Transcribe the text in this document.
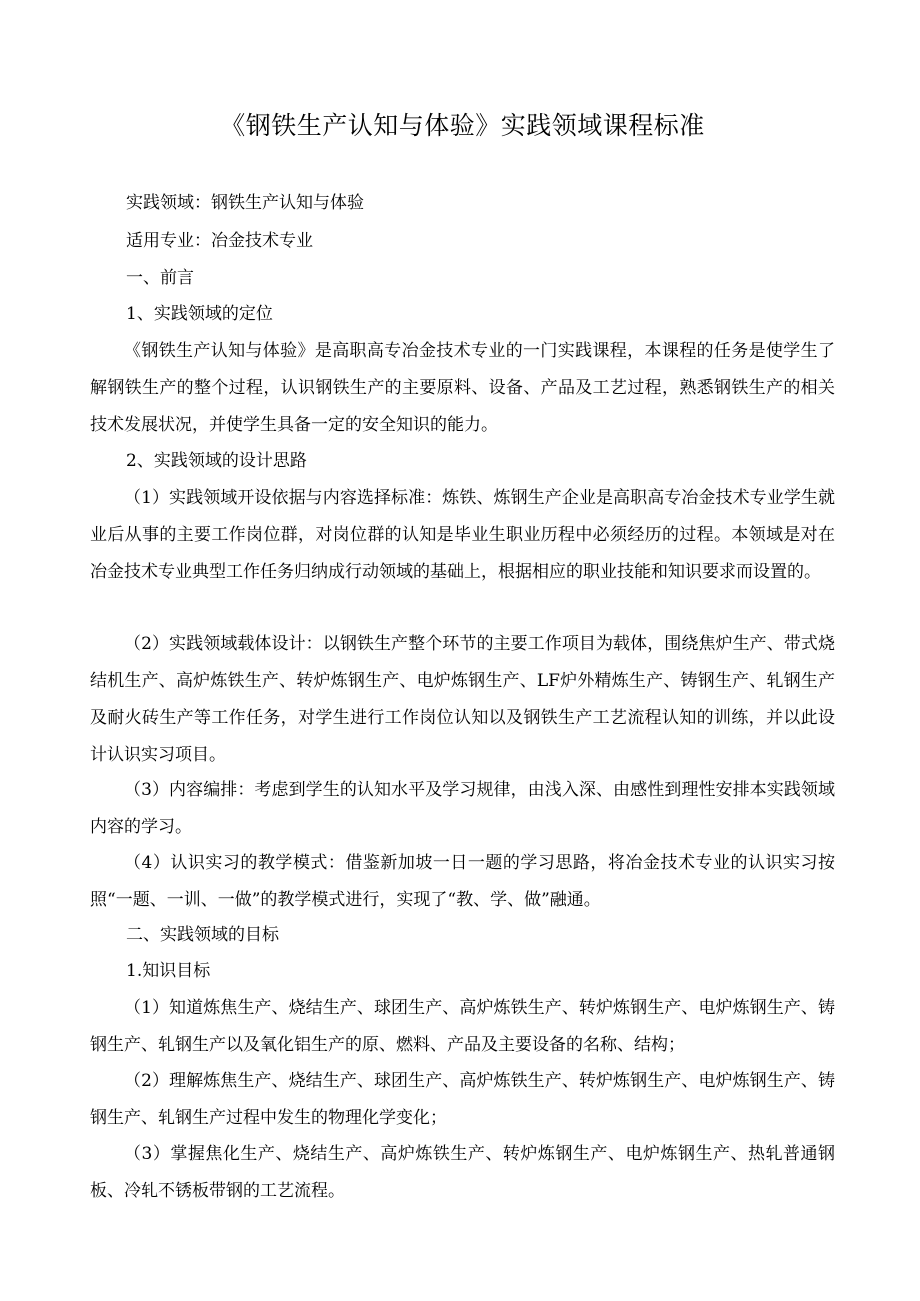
《钢铁生产认知与体验》实践领域课程标准
实践领域：钢铁生产认知与体验
适用专业：冶金技术专业
一、前言
1、实践领域的定位
《钢铁生产认知与体验》是高职高专冶金技术专业的一门实践课程，本课程的任务是使学生了解钢铁生产的整个过程，认识钢铁生产的主要原料、设备、产品及工艺过程，熟悉钢铁生产的相关技术发展状况，并使学生具备一定的安全知识的能力。
2、实践领域的设计思路
（1）实践领域开设依据与内容选择标准：炼铁、炼钢生产企业是高职高专冶金技术专业学生就业后从事的主要工作岗位群，对岗位群的认知是毕业生职业历程中必须经历的过程。本领域是对在冶金技术专业典型工作任务归纳成行动领域的基础上，根据相应的职业技能和知识要求而设置的。
（2）实践领域载体设计：以钢铁生产整个环节的主要工作项目为载体，围绕焦炉生产、带式烧结机生产、高炉炼铁生产、转炉炼钢生产、电炉炼钢生产、LF炉外精炼生产、铸钢生产、轧钢生产及耐火砖生产等工作任务，对学生进行工作岗位认知以及钢铁生产工艺流程认知的训练，并以此设计认识实习项目。
（3）内容编排：考虑到学生的认知水平及学习规律，由浅入深、由感性到理性安排本实践领域内容的学习。
（4）认识实习的教学模式：借鉴新加坡一日一题的学习思路，将冶金技术专业的认识实习按照“一题、一训、一做”的教学模式进行，实现了“教、学、做”融通。
二、实践领域的目标
1.知识目标
（1）知道炼焦生产、烧结生产、球团生产、高炉炼铁生产、转炉炼钢生产、电炉炼钢生产、铸钢生产、轧钢生产以及氧化铝生产的原、燃料、产品及主要设备的名称、结构；
（2）理解炼焦生产、烧结生产、球团生产、高炉炼铁生产、转炉炼钢生产、电炉炼钢生产、铸钢生产、轧钢生产过程中发生的物理化学变化；
（3）掌握焦化生产、烧结生产、高炉炼铁生产、转炉炼钢生产、电炉炼钢生产、热轧普通钢板、冷轧不锈板带钢的工艺流程。
